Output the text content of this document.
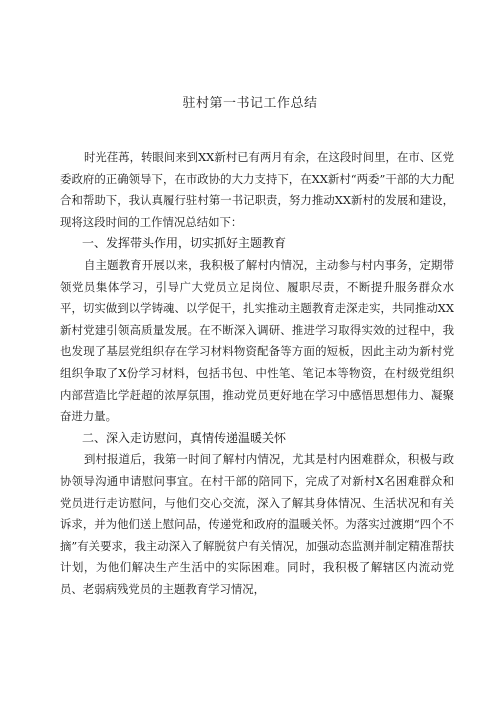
驻村第一书记工作总结

时光荏苒，转眼间来到XX新村已有两月有余，在这段时间里，在市、区党委政府的正确领导下，在市政协的大力支持下，在XX新村“两委”干部的大力配合和帮助下，我认真履行驻村第一书记职责，努力推动XX新村的发展和建设，现将这段时间的工作情况总结如下：

一、发挥带头作用，切实抓好主题教育

自主题教育开展以来，我积极了解村内情况，主动参与村内事务，定期带领党员集体学习，引导广大党员立足岗位、履职尽责，不断提升服务群众水平，切实做到以学铸魂、以学促干，扎实推动主题教育走深走实，共同推动XX新村党建引领高质量发展。在不断深入调研、推进学习取得实效的过程中，我也发现了基层党组织存在学习材料物资配备等方面的短板，因此主动为新村党组织争取了X份学习材料，包括书包、中性笔、笔记本等物资，在村级党组织内部营造比学赶超的浓厚氛围，推动党员更好地在学习中感悟思想伟力、凝聚奋进力量。

二、深入走访慰问，真情传递温暖关怀

到村报道后，我第一时间了解村内情况，尤其是村内困难群众，积极与政协领导沟通申请慰问事宜。在村干部的陪同下，完成了对新村X名困难群众和党员进行走访慰问，与他们交心交流，深入了解其身体情况、生活状况和有关诉求，并为他们送上慰问品，传递党和政府的温暖关怀。为落实过渡期“四个不摘”有关要求，我主动深入了解脱贫户有关情况，加强动态监测并制定精准帮扶计划，为他们解决生产生活中的实际困难。同时，我积极了解辖区内流动党员、老弱病残党员的主题教育学习情况，
